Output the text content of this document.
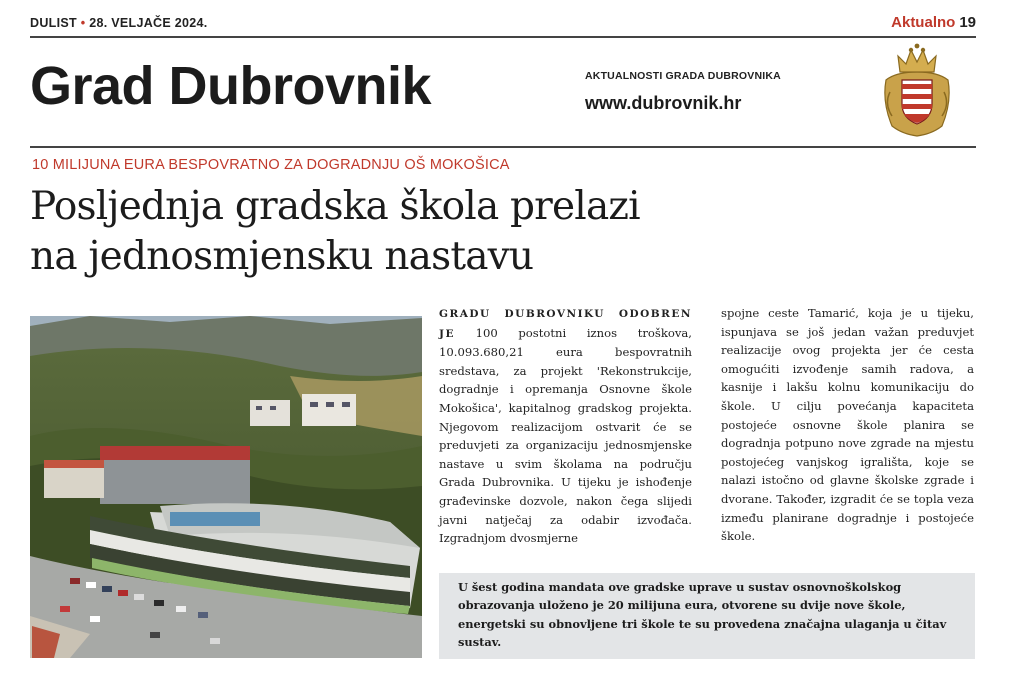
DULIST • 28. VELJAČE 2024.	Aktualno 19
Grad Dubrovnik	AKTUALNOSTI GRADA DUBROVNIKA
www.dubrovnik.hr
10 MILIJUNA EURA BESPOVRATNO ZA DOGRADNJU OŠ MOKOŠICA
Posljednja gradska škola prelazi
na jednosmjensku nastavu
GRADU DUBROVNIKU ODOBREN JE 100 postotni iznos troškova, 10.093.680,21 eura bespovratnih sredstava, za projekt 'Rekonstrukcije, dogradnje i opremanja Osnovne škole Mokošica', kapitalnog gradskog projekta. Njegovom realizacijom ostvarit će se preduvjeti za organizaciju jednosmjenske nastave u svim školama na području Grada Dubrovnika. U tijeku je ishođenje građevinske dozvole, nakon čega slijedi javni natječaj za odabir izvođača. Izgradnjom dvosmjerne
spojne ceste Tamarić, koja je u tijeku, ispunjava se još jedan važan preduvjet realizacije ovog projekta jer će cesta omogućiti izvođenje samih radova, a kasnije i lakšu kolnu komunikaciju do škole. U cilju povećanja kapaciteta postojeće osnovne škole planira se dogradnja potpuno nove zgrade na mjestu postojećeg vanjskog igrališta, koje se nalazi istočno od glavne školske zgrade i dvorane. Također, izgradit će se topla veza između planirane dogradnje i postojeće škole.

U šest godina mandata ove gradske uprave u sustav osnovnoškolskog obrazovanja uloženo je 20 milijuna eura, otvorene su dvije nove škole, energetski su obnovljene tri škole te su provedena značajna ulaganja u čitav sustav.
